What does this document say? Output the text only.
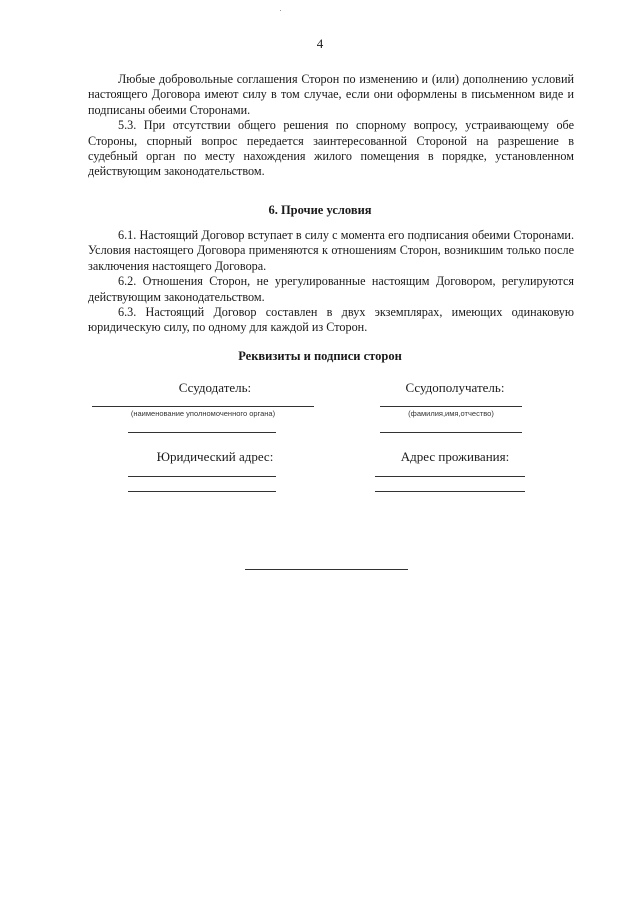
4

Любые добровольные соглашения Сторон по изменению и (или) дополнению условий настоящего Договора имеют силу в том случае, если они оформлены в письменном виде и подписаны обеими Сторонами.

5.3. При отсутствии общего решения по спорному вопросу, устраивающему обе Стороны, спорный вопрос передается заинтересованной Стороной на разрешение в судебный орган по месту нахождения жилого помещения в порядке, установленном действующим законодательством.

6. Прочие условия

6.1. Настоящий Договор вступает в силу с момента его подписания обеими Сторонами. Условия настоящего Договора применяются к отношениям Сторон, возникшим только после заключения настоящего Договора.

6.2. Отношения Сторон, не урегулированные настоящим Договором, регулируются действующим законодательством.

6.3. Настоящий Договор составлен в двух экземплярах, имеющих одинаковую юридическую силу, по одному для каждой из Сторон.

Реквизиты и подписи сторон
Ссудодатель:	Ссудополучатель:
(наименование уполномоченного органа)	(фамилия,имя,отчество)
Юридический адрес:	Адрес проживания:
